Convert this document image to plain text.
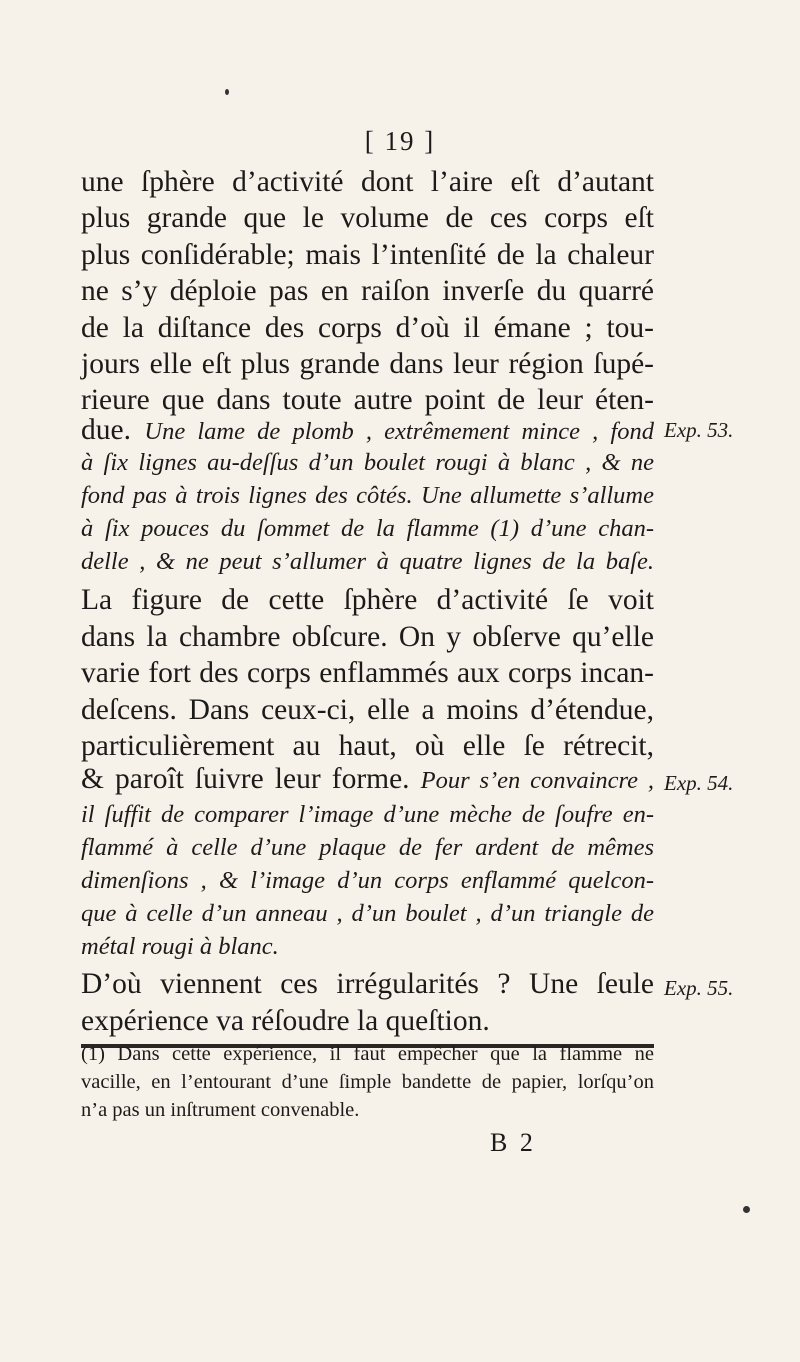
[ 19 ]
une ſphère d’activité dont l’aire eſt d’autant
plus grande que le volume de ces corps eſt
plus conſidérable; mais l’intenſité de la chaleur
ne s’y déploie pas en raiſon inverſe du quarré
de la diſtance des corps d’où il émane ; tou-
jours elle eſt plus grande dans leur région ſupé-
rieure que dans toute autre point de leur éten-
due. Une lame de plomb , extrêmement mince , fond Exp. 53.
à ſix lignes au-deſſus d’un boulet rougi à blanc , & ne
fond pas à trois lignes des côtés. Une allumette s’allume
à ſix pouces du ſommet de la flamme (1) d’une chan-
delle , & ne peut s’allumer à quatre lignes de la baſe.
La figure de cette ſphère d’activité ſe voit
dans la chambre obſcure. On y obſerve qu’elle
varie fort des corps enflammés aux corps incan-
deſcens. Dans ceux-ci, elle a moins d’étendue,
particulièrement au haut, où elle ſe rétrecit,
& paroît ſuivre leur forme. Pour s’en convaincre , Exp. 54.
il ſuffit de comparer l’image d’une mèche de ſoufre en-
flammé à celle d’une plaque de fer ardent de mêmes
dimenſions , & l’image d’un corps enflammé quelcon-
que à celle d’un anneau , d’un boulet , d’un triangle de
métal rougi à blanc.
D’où viennent ces irrégularités ? Une ſeule Exp. 55.
expérience va réſoudre la queſtion.
(1) Dans cette expérience, il faut empêcher que la flamme ne
vacille, en l’entourant d’une ſimple bandette de papier, lorſqu’on
n’a pas un inſtrument convenable.
B 2
